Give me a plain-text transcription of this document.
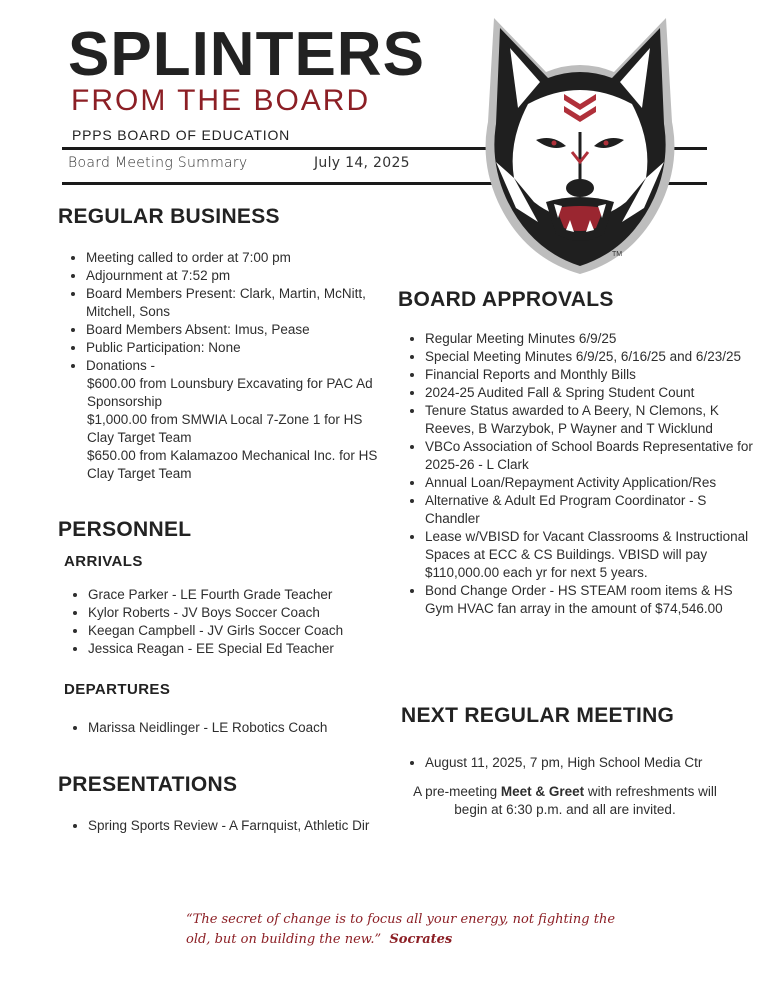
SPLINTERS
FROM THE BOARD
PPPS BOARD OF EDUCATION
Board Meeting Summary	July 14, 2025
TM
REGULAR BUSINESS
• Meeting called to order at 7:00 pm
• Adjournment at 7:52 pm
• Board Members Present: Clark, Martin, McNitt, Mitchell, Sons
• Board Members Absent: Imus, Pease
• Public Participation: None
• Donations -
$600.00 from Lounsbury Excavating for PAC Ad Sponsorship
$1,000.00 from SMWIA Local 7-Zone 1 for HS Clay Target Team
$650.00 from Kalamazoo Mechanical Inc. for HS Clay Target Team
PERSONNEL
ARRIVALS
• Grace Parker - LE Fourth Grade Teacher
• Kylor Roberts - JV Boys Soccer Coach
• Keegan Campbell - JV Girls Soccer Coach
• Jessica Reagan - EE Special Ed Teacher
DEPARTURES
• Marissa Neidlinger - LE Robotics Coach
PRESENTATIONS
• Spring Sports Review - A Farnquist, Athletic Dir
BOARD APPROVALS
• Regular Meeting Minutes 6/9/25
• Special Meeting Minutes 6/9/25, 6/16/25 and 6/23/25
• Financial Reports and Monthly Bills
• 2024-25 Audited Fall & Spring Student Count
• Tenure Status awarded to A Beery, N Clemons, K Reeves, B Warzybok, P Wayner and T Wicklund
• VBCo Association of School Boards Representative for 2025-26 - L Clark
• Annual Loan/Repayment Activity Application/Res
• Alternative & Adult Ed Program Coordinator - S Chandler
• Lease w/VBISD for Vacant Classrooms & Instructional Spaces at ECC & CS Buildings. VBISD will pay $110,000.00 each yr for next 5 years.
• Bond Change Order - HS STEAM room items & HS Gym HVAC fan array in the amount of $74,546.00
NEXT REGULAR MEETING
• August 11, 2025, 7 pm, High School Media Ctr
A pre-meeting Meet & Greet with refreshments will begin at 6:30 p.m. and all are invited.
“The secret of change is to focus all your energy, not fighting the old, but on building the new.” Socrates
